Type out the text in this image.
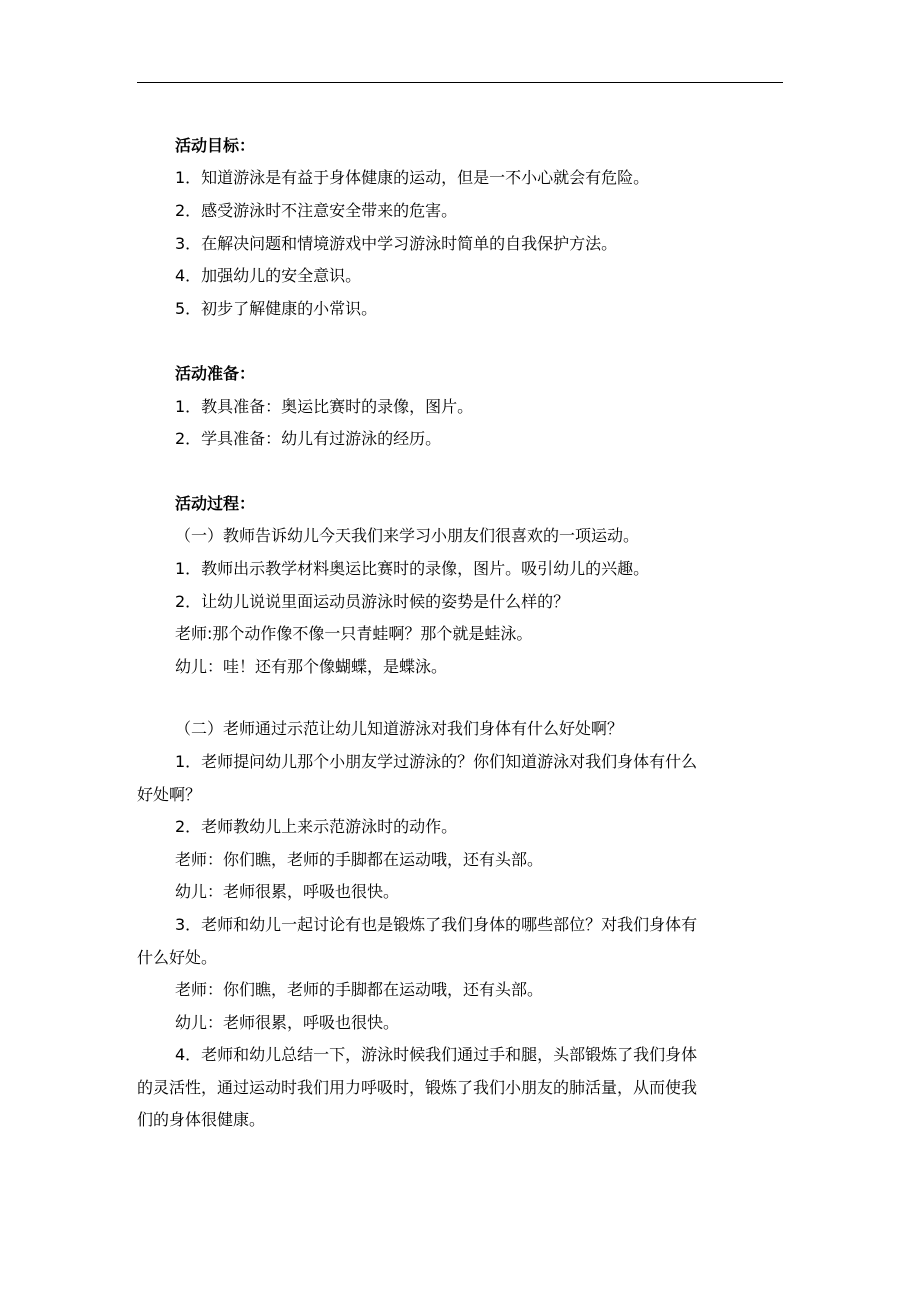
活动目标：
1．知道游泳是有益于身体健康的运动，但是一不小心就会有危险。
2．感受游泳时不注意安全带来的危害。
3．在解决问题和情境游戏中学习游泳时简单的自我保护方法。
4．加强幼儿的安全意识。
5．初步了解健康的小常识。
活动准备：
1．教具准备：奥运比赛时的录像，图片。
2．学具准备：幼儿有过游泳的经历。
活动过程：
（一）教师告诉幼儿今天我们来学习小朋友们很喜欢的一项运动。
1．教师出示教学材料奥运比赛时的录像，图片。吸引幼儿的兴趣。
2．让幼儿说说里面运动员游泳时候的姿势是什么样的？
老师:那个动作像不像一只青蛙啊？那个就是蛙泳。
幼儿：哇！还有那个像蝴蝶，是蝶泳。
（二）老师通过示范让幼儿知道游泳对我们身体有什么好处啊？
1．老师提问幼儿那个小朋友学过游泳的？你们知道游泳对我们身体有什么
好处啊？
2．老师教幼儿上来示范游泳时的动作。
老师：你们瞧，老师的手脚都在运动哦，还有头部。
幼儿：老师很累，呼吸也很快。
3．老师和幼儿一起讨论有也是锻炼了我们身体的哪些部位？对我们身体有
什么好处。
老师：你们瞧，老师的手脚都在运动哦，还有头部。
幼儿：老师很累，呼吸也很快。
4．老师和幼儿总结一下，游泳时候我们通过手和腿，头部锻炼了我们身体
的灵活性，通过运动时我们用力呼吸时，锻炼了我们小朋友的肺活量，从而使我
们的身体很健康。
